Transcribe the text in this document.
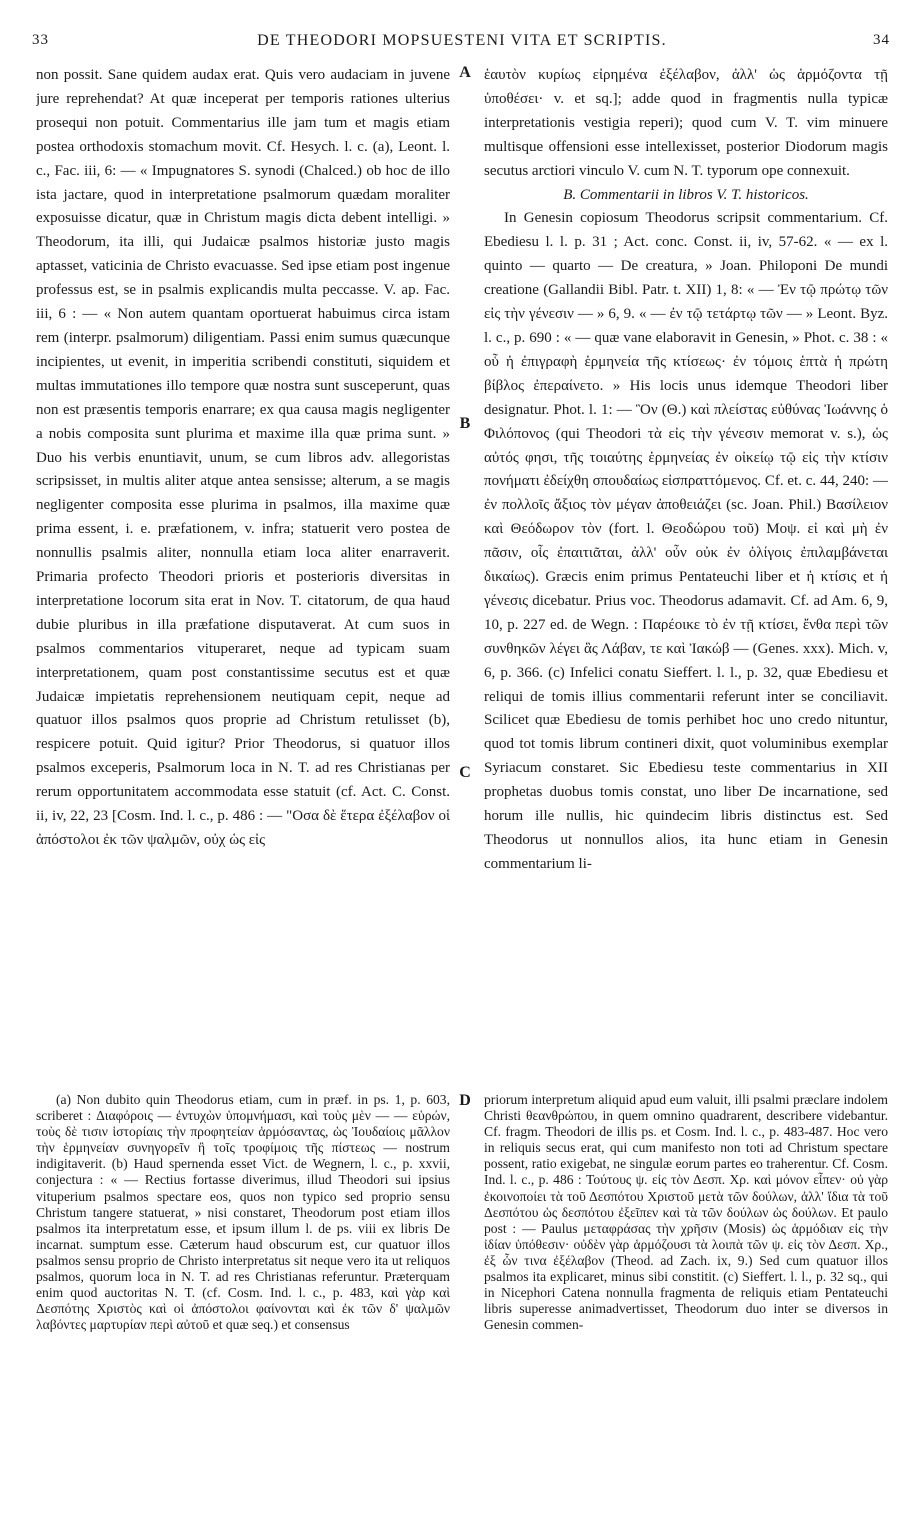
33	DE THEODORI MOPSUESTENI VITA ET SCRIPTIS.	34

non possit. Sane quidem audax erat. Quis vero audaciam in juvene jure reprehendat? At quæ inceperat per temporis rationes ulterius prosequi non potuit. Commentarius ille jam tum et magis etiam postea orthodoxis stomachum movit. Cf. Hesych. l. c. (a), Leont. l. c., Fac. iii, 6: — « Impugnatores S. synodi (Chalced.) ob hoc de illo ista jactare, quod in interpretatione psalmorum quædam moraliter exposuisse dicatur, quæ in Christum magis dicta debent intelligi. » Theodorum, ita illi, qui Judaicæ psalmos historiæ justo magis aptasset, vaticinia de Christo evacuasse. Sed ipse etiam post ingenue professus est, se in psalmis explicandis multa peccasse. V. ap. Fac. iii, 6 : — « Non autem quantam oportuerat habuimus circa istam rem (interpr. psalmorum) diligentiam. Passi enim sumus quæcunque incipientes, ut evenit, in imperitia scribendi constituti, siquidem et multas immutationes illo tempore quæ nostra sunt susceperunt, quas non est præsentis temporis enarrare; ex qua causa magis negligenter a nobis composita sunt plurima et maxime illa quæ prima sunt. » Duo his verbis enuntiavit, unum, se cum libros adv. allegoristas scripsisset, in multis aliter atque antea sensisse; alterum, a se magis negligenter composita esse plurima in psalmos, illa maxime quæ prima essent, i. e. præfationem, v. infra; statuerit vero postea de nonnullis psalmis aliter, nonnulla etiam loca aliter enarraverit. Primaria profecto Theodori prioris et posterioris diversitas in interpretatione locorum sita erat in Nov. T. citatorum, de qua haud dubie pluribus in illa præfatione disputaverat. At cum suos in psalmos commentarios vituperaret, neque ad typicam suam interpretationem, quam post constantissime secutus est et quæ Judaicæ impietatis reprehensionem neutiquam cepit, neque ad quatuor illos psalmos quos proprie ad Christum retulisset (b), respicere potuit. Quid igitur? Prior Theodorus, si quatuor illos psalmos exceperis, Psalmorum loca in N. T. ad res Christianas per rerum opportunitatem accommodata esse statuit (cf. Act. C. Const. ii, iv, 22, 23 [Cosm. Ind. l. c., p. 486 : — "Οσα δὲ ἕτερα ἐξέλαβον οἱ ἀπόστολοι ἐκ τῶν ψαλμῶν, οὐχ ὡς εἰς

ἑαυτὸν κυρίως εἰρημένα ἐξέλαβον, ἀλλ' ὡς ἁρμόζοντα τῇ ὑποθέσει· v. et sq.]; adde quod in fragmentis nulla typicæ interpretationis vestigia reperi); quod cum V. T. vim minuere multisque offensioni esse intellexisset, posterior Diodorum magis secutus arctiori vinculo V. cum N. T. typorum ope connexuit.

B. Commentarii in libros V. T. historicos.

In Genesin copiosum Theodorus scripsit commentarium. Cf. Ebediesu l. l. p. 31 ; Act. conc. Const. ii, iv, 57-62. « — ex l. quinto — quarto — De creatura, » Joan. Philoponi De mundi creatione (Gallandii Bibl. Patr. t. XII) 1, 8: « — Ἐν τῷ πρώτῳ τῶν εἰς τὴν γένεσιν — » 6, 9. « — ἐν τῷ τετάρτῳ τῶν — » Leont. Byz. l. c., p. 690 : « — quæ vane elaboravit in Genesin, » Phot. c. 38 : « οὗ ἡ ἐπιγραφὴ ἑρμηνεία τῆς κτίσεως· ἐν τόμοις ἑπτὰ ἡ πρώτη βίβλος ἐπεραίνετο. » His locis unus idemque Theodori liber designatur. Phot. l. 1: — Ὃν (Θ.) καὶ πλείστας εὐθύνας Ἰωάννης ὁ Φιλόπονος (qui Theodori τὰ εἰς τὴν γένεσιν memorat v. s.), ὡς αὐτός φησι, τῆς τοιαύτης ἑρμηνείας ἐν οἰκείῳ τῷ εἰς τὴν κτίσιν πονήματι ἐδείχθη σπουδαίως εἰσπραττόμενος. Cf. et. c. 44, 240: — ἐν πολλοῖς ἄξιος τὸν μέγαν ἀποθειάζει (sc. Joan. Phil.) Βασίλειον καὶ Θεόδωρον τὸν (fort. l. Θεοδώρου τοῦ) Μοψ. εἰ καὶ μὴ ἐν πᾶσιν, οἷς ἐπαιτιᾶται, ἀλλ' οὖν οὐκ ἐν ὀλίγοις ἐπιλαμβάνεται δικαίως). Græcis enim primus Pentateuchi liber et ἡ κτίσις et ἡ γένεσις dicebatur. Prius voc. Theodorus adamavit. Cf. ad Am. 6, 9, 10, p. 227 ed. de Wegn. : Παρέοικε τὸ ἐν τῇ κτίσει, ἔνθα περὶ τῶν συνθηκῶν λέγει ἃς Λάβαν, τε καὶ Ἰακώβ — (Genes. xxx). Mich. v, 6, p. 366. (c) Infelici conatu Sieffert. l. l., p. 32, quæ Ebediesu et reliqui de tomis illius commentarii referunt inter se conciliavit. Scilicet quæ Ebediesu de tomis perhibet hoc uno credo nituntur, quod tot tomis librum contineri dixit, quot voluminibus exemplar Syriacum constaret. Sic Ebediesu teste commentarius in XII prophetas duobus tomis constat, uno liber De incarnatione, sed horum ille nullis, hic quindecim libris distinctus est. Sed Theodorus ut nonnullos alios, ita hunc etiam in Genesin commentarium li-

A
B
C
D

(a) Non dubito quin Theodorus etiam, cum in præf. in ps. 1, p. 603, scriberet : Διαφόροις — ἐντυχὼν ὑπομνήμασι, καὶ τοὺς μὲν — — εὑρών, τοὺς δὲ τισιν ἱστορίαις τὴν προφητείαν ἁρμόσαντας, ὡς Ἰουδαίοις μᾶλλον τὴν ἑρμηνείαν συνηγορεῖν ἢ τοῖς τροφίμοις τῆς πίστεως — nostrum indigitaverit. (b) Haud spernenda esset Vict. de Wegnern, l. c., p. xxvii, conjectura : « — Rectius fortasse diverimus, illud Theodori sui ipsius vituperium psalmos spectare eos, quos non typico sed proprio sensu Christum tangere statuerat, » nisi constaret, Theodorum post etiam illos psalmos ita interpretatum esse, et ipsum illum l. de ps. viii ex libris De incarnat. sumptum esse. Cæterum haud obscurum est, cur quatuor illos psalmos sensu proprio de Christo interpretatus sit neque vero ita ut reliquos psalmos, quorum loca in N. T. ad res Christianas referuntur. Præterquam enim quod auctoritas N. T. (cf. Cosm. Ind. l. c., p. 483, καὶ γὰρ καὶ Δεσπότης Χριστὸς καὶ οἱ ἀπόστολοι φαίνονται καὶ ἐκ τῶν δ' ψαλμῶν λαβόντες μαρτυρίαν περὶ αὐτοῦ et quæ seq.) et consensus

priorum interpretum aliquid apud eum valuit, illi psalmi præclare indolem Christi θεανθρώπου, in quem omnino quadrarent, describere videbantur. Cf. fragm. Theodori de illis ps. et Cosm. Ind. l. c., p. 483-487. Hoc vero in reliquis secus erat, qui cum manifesto non toti ad Christum spectare possent, ratio exigebat, ne singulæ eorum partes eo traherentur. Cf. Cosm. Ind. l. c., p. 486 : Τούτους ψ. εἰς τὸν Δεσπ. Χρ. καὶ μόνον εἶπεν· οὐ γὰρ ἐκοινοποίει τὰ τοῦ Δεσπότου Χριστοῦ μετὰ τῶν δούλων, ἀλλ' ἴδια τὰ τοῦ Δεσπότου ὡς δεσπότου ἐξεῖπεν καὶ τὰ τῶν δούλων ὡς δούλων. Et paulo post : — Paulus μεταφράσας τὴν χρῆσιν (Mosis) ὡς ἁρμόδιαν εἰς τὴν ἰδίαν ὑπόθεσιν· οὐδὲν γὰρ ἁρμόζουσι τὰ λοιπὰ τῶν ψ. εἰς τὸν Δεσπ. Χρ., ἐξ ὧν τινα ἐξέλαβον (Theod. ad Zach. ix, 9.) Sed cum quatuor illos psalmos ita explicaret, minus sibi constitit. (c) Sieffert. l. l., p. 32 sq., qui in Nicephori Catena nonnulla fragmenta de reliquis etiam Pentateuchi libris superesse animadvertisset, Theodorum duo inter se diversos in Genesin commen-
